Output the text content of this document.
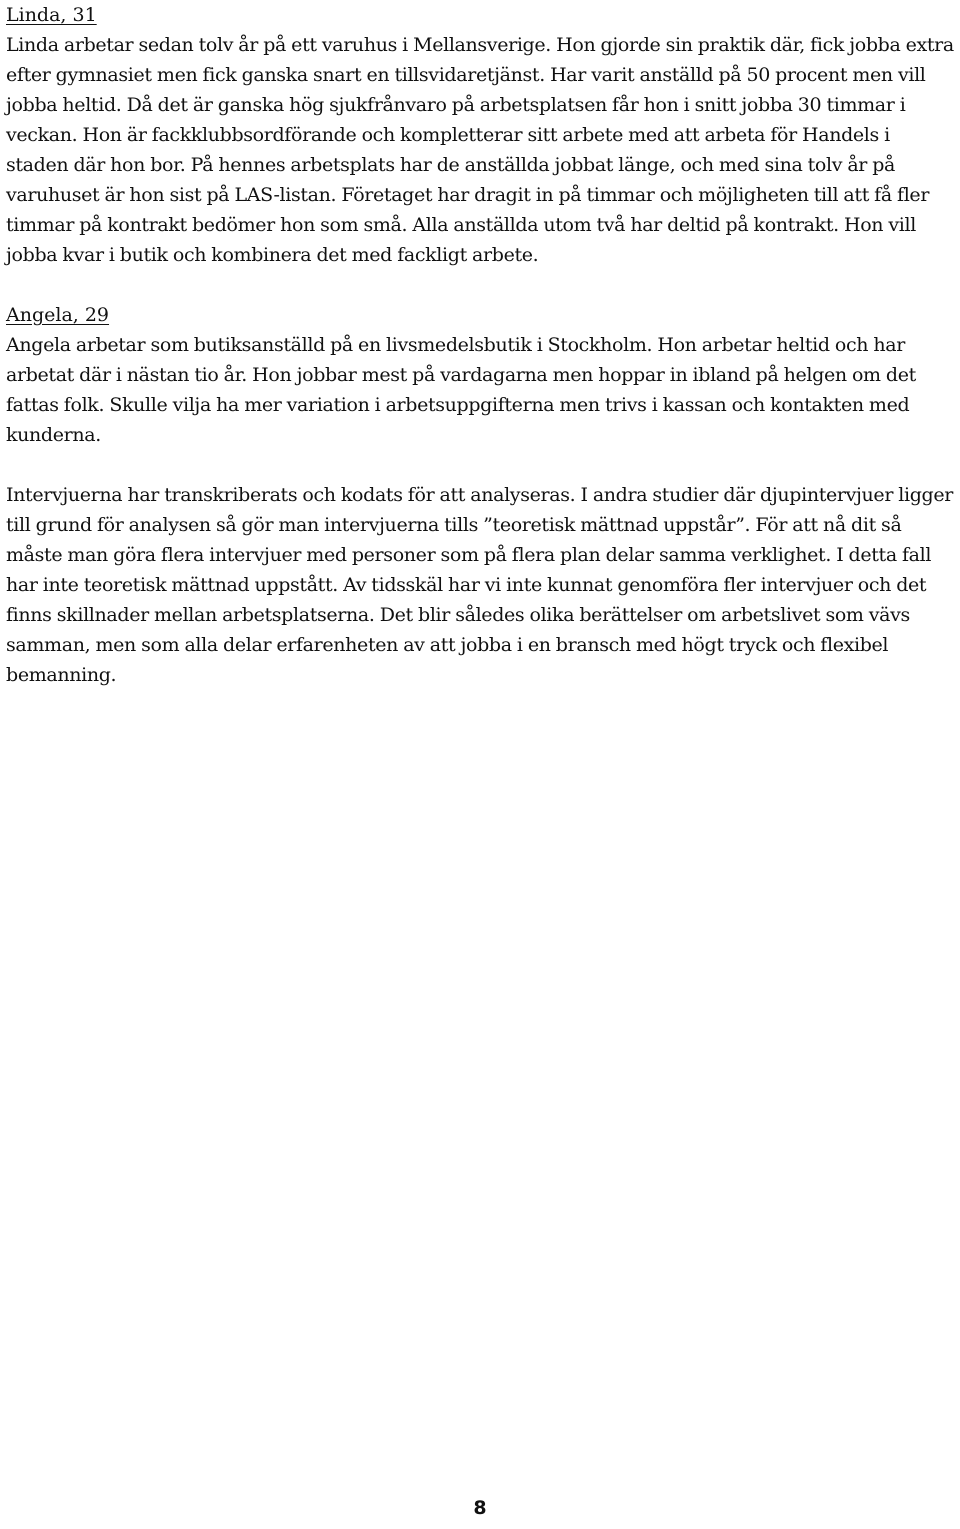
Linda, 31

Linda arbetar sedan tolv år på ett varuhus i Mellansverige. Hon gjorde sin praktik där, fick jobba extra efter gymnasiet men fick ganska snart en tillsvidaretjänst. Har varit anställd på 50 procent men vill jobba heltid. Då det är ganska hög sjukfrånvaro på arbetsplatsen får hon i snitt jobba 30 timmar i veckan. Hon är fackklubbsordförande och kompletterar sitt arbete med att arbeta för Handels i staden där hon bor. På hennes arbetsplats har de anställda jobbat länge, och med sina tolv år på varuhuset är hon sist på LAS-listan. Företaget har dragit in på timmar och möjligheten till att få fler timmar på kontrakt bedömer hon som små. Alla anställda utom två har deltid på kontrakt. Hon vill jobba kvar i butik och kombinera det med fackligt arbete.

Angela, 29

Angela arbetar som butiksanställd på en livsmedelsbutik i Stockholm. Hon arbetar heltid och har arbetat där i nästan tio år. Hon jobbar mest på vardagarna men hoppar in ibland på helgen om det fattas folk. Skulle vilja ha mer variation i arbetsuppgifterna men trivs i kassan och kontakten med kunderna.

Intervjuerna har transkriberats och kodats för att analyseras. I andra studier där djupintervjuer ligger till grund för analysen så gör man intervjuerna tills ”teoretisk mättnad uppstår”. För att nå dit så måste man göra flera intervjuer med personer som på flera plan delar samma verklighet. I detta fall har inte teoretisk mättnad uppstått. Av tidsskäl har vi inte kunnat genomföra fler intervjuer och det finns skillnader mellan arbetsplatserna. Det blir således olika berättelser om arbetslivet som vävs samman, men som alla delar erfarenheten av att jobba i en bransch med högt tryck och flexibel bemanning.

8
